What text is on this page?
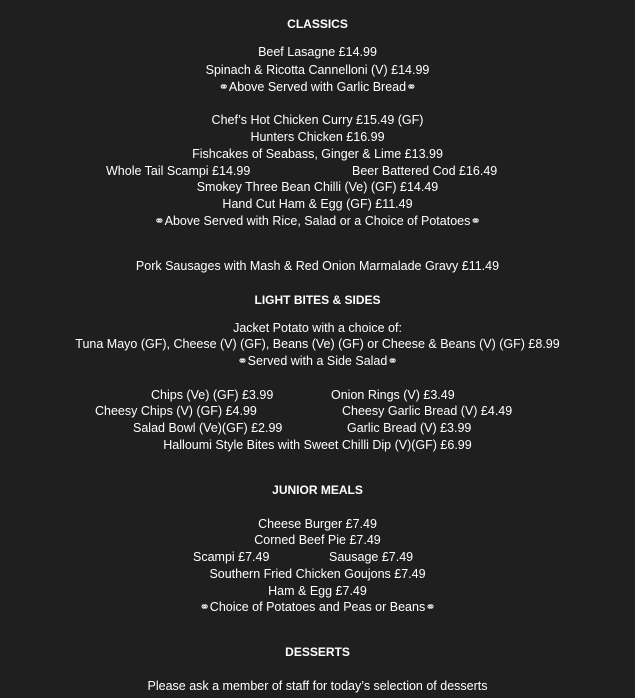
CLASSICS
Beef Lasagne £14.99
Spinach & Ricotta Cannelloni (V) £14.99
⚭Above Served with Garlic Bread⚭
Chef’s Hot Chicken Curry £15.49 (GF)
Hunters Chicken £16.99
Fishcakes of Seabass, Ginger & Lime £13.99
Whole Tail Scampi £14.99	Beer Battered Cod £16.49
Smokey Three Bean Chilli (Ve) (GF) £14.49
Hand Cut Ham & Egg (GF) £11.49
⚭Above Served with Rice, Salad or a Choice of Potatoes⚭
Pork Sausages with Mash & Red Onion Marmalade Gravy £11.49
LIGHT BITES & SIDES
Jacket Potato with a choice of:
Tuna Mayo (GF), Cheese (V) (GF), Beans (Ve) (GF) or Cheese & Beans (V) (GF) £8.99
⚭Served with a Side Salad⚭
Chips (Ve) (GF) £3.99	Onion Rings (V) £3.49
Cheesy Chips (V) (GF) £4.99	Cheesy Garlic Bread (V) £4.49
Salad Bowl (Ve)(GF) £2.99	Garlic Bread (V) £3.99
Halloumi Style Bites with Sweet Chilli Dip (V)(GF) £6.99
JUNIOR MEALS
Cheese Burger £7.49
Corned Beef Pie £7.49
Scampi £7.49	Sausage £7.49
Southern Fried Chicken Goujons £7.49
Ham & Egg £7.49
⚭Choice of Potatoes and Peas or Beans⚭
DESSERTS
Please ask a member of staff for today’s selection of desserts
